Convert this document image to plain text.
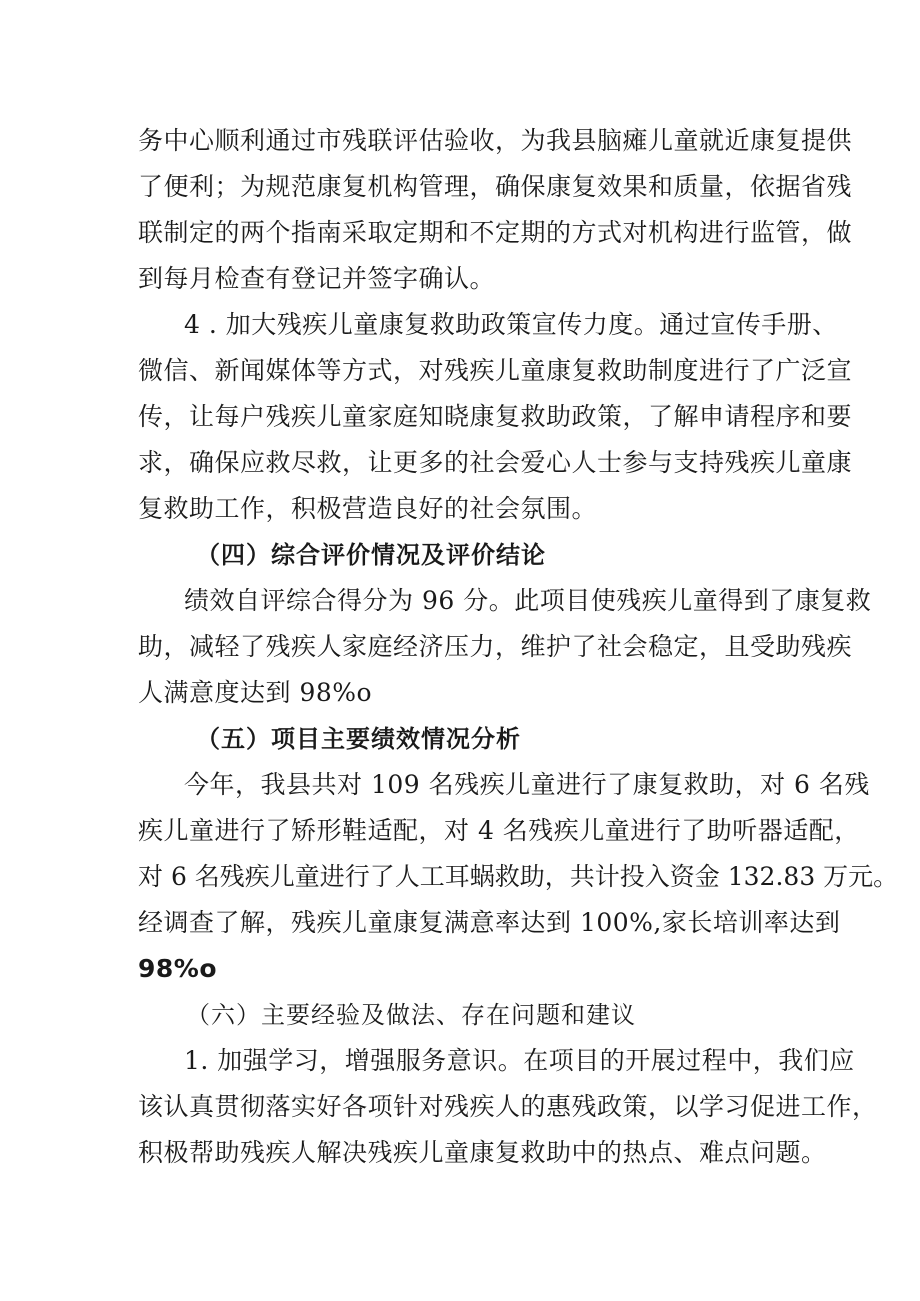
务中心顺利通过市残联评估验收，为我县脑瘫儿童就近康复提供
了便利；为规范康复机构管理，确保康复效果和质量，依据省残
联制定的两个指南采取定期和不定期的方式对机构进行监管，做
到每月检查有登记并签字确认。
4 . 加大残疾儿童康复救助政策宣传力度。通过宣传手册、
微信、新闻媒体等方式，对残疾儿童康复救助制度进行了广泛宣
传，让每户残疾儿童家庭知晓康复救助政策，了解申请程序和要
求，确保应救尽救，让更多的社会爱心人士参与支持残疾儿童康
复救助工作，积极营造良好的社会氛围。
（四）综合评价情况及评价结论
绩效自评综合得分为 96 分。此项目使残疾儿童得到了康复救
助，减轻了残疾人家庭经济压力，维护了社会稳定，且受助残疾
人满意度达到 98%o
（五）项目主要绩效情况分析
今年，我县共对 109 名残疾儿童进行了康复救助，对 6 名残
疾儿童进行了矫形鞋适配，对 4 名残疾儿童进行了助听器适配，
对 6 名残疾儿童进行了人工耳蜗救助，共计投入资金 132.83 万元。
经调查了解，残疾儿童康复满意率达到 100%,家长培训率达到
98%o
（六）主要经验及做法、存在问题和建议
1. 加强学习，增强服务意识。在项目的开展过程中，我们应
该认真贯彻落实好各项针对残疾人的惠残政策，以学习促进工作，
积极帮助残疾人解决残疾儿童康复救助中的热点、难点问题。
